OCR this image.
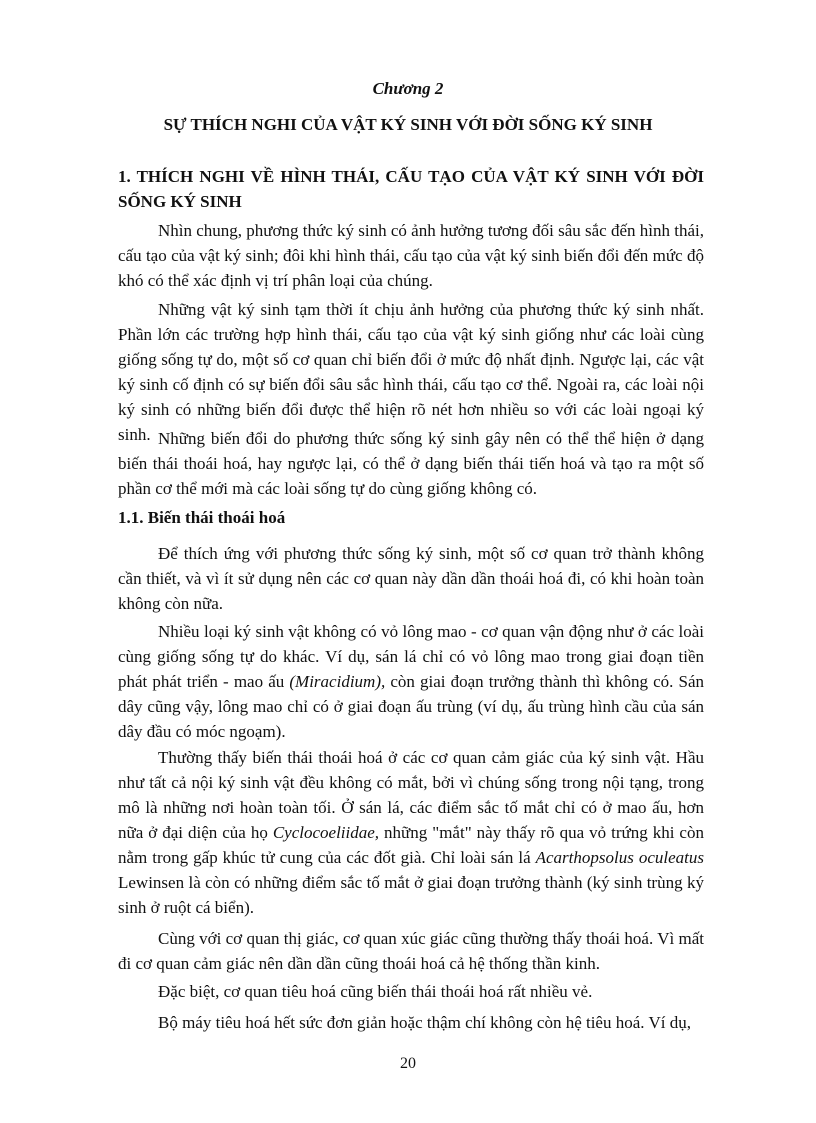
Chương 2
SỰ THÍCH NGHI CỦA VẬT KÝ SINH VỚI ĐỜI SỐNG KÝ SINH
1. THÍCH NGHI VỀ HÌNH THÁI, CẤU TẠO CỦA VẬT KÝ SINH VỚI ĐỜI SỐNG KÝ SINH

Nhìn chung, phương thức ký sinh có ảnh hưởng tương đối sâu sắc đến hình thái, cấu tạo của vật ký sinh; đôi khi hình thái, cấu tạo của vật ký sinh biến đổi đến mức độ khó có thể xác định vị trí phân loại của chúng.

Những vật ký sinh tạm thời ít chịu ảnh hưởng của phương thức ký sinh nhất. Phần lớn các trường hợp hình thái, cấu tạo của vật ký sinh giống như các loài cùng giống sống tự do, một số cơ quan chỉ biến đổi ở mức độ nhất định. Ngược lại, các vật ký sinh cố định có sự biến đổi sâu sắc hình thái, cấu tạo cơ thể. Ngoài ra, các loài nội ký sinh có những biến đổi được thể hiện rõ nét hơn nhiều so với các loài ngoại ký sinh. Những biến đổi do phương thức sống ký sinh gây nên có thể thể hiện ở dạng biến thái thoái hoá, hay ngược lại, có thể ở dạng biến thái tiến hoá và tạo ra một số phần cơ thể mới mà các loài sống tự do cùng giống không có.

1.1. Biến thái thoái hoá

Để thích ứng với phương thức sống ký sinh, một số cơ quan trở thành không cần thiết, và vì ít sử dụng nên các cơ quan này dần dần thoái hoá đi, có khi hoàn toàn không còn nữa.

Nhiều loại ký sinh vật không có vỏ lông mao - cơ quan vận động như ở các loài cùng giống sống tự do khác. Ví dụ, sán lá chỉ có vỏ lông mao trong giai đoạn tiền phát phát triển - mao ấu (Miracidium), còn giai đoạn trưởng thành thì không có. Sán dây cũng vậy, lông mao chỉ có ở giai đoạn ấu trùng (ví dụ, ấu trùng hình cầu của sán dây đầu có móc ngoạm).

Thường thấy biến thái thoái hoá ở các cơ quan cảm giác của ký sinh vật. Hầu như tất cả nội ký sinh vật đều không có mắt, bởi vì chúng sống trong nội tạng, trong mô là những nơi hoàn toàn tối. Ở sán lá, các điểm sắc tố mắt chỉ có ở mao ấu, hơn nữa ở đại diện của họ Cyclocoeliidae, những "mắt" này thấy rõ qua vỏ trứng khi còn nằm trong gấp khúc tử cung của các đốt già. Chỉ loài sán lá Acarthopsolus oculeatus Lewinsen là còn có những điểm sắc tố mắt ở giai đoạn trưởng thành (ký sinh trùng ký sinh ở ruột cá biển).

Cùng với cơ quan thị giác, cơ quan xúc giác cũng thường thấy thoái hoá. Vì mất đi cơ quan cảm giác nên dần dần cũng thoái hoá cả hệ thống thần kinh.

Đặc biệt, cơ quan tiêu hoá cũng biến thái thoái hoá rất nhiều vẻ.

Bộ máy tiêu hoá hết sức đơn giản hoặc thậm chí không còn hệ tiêu hoá. Ví dụ,

20
